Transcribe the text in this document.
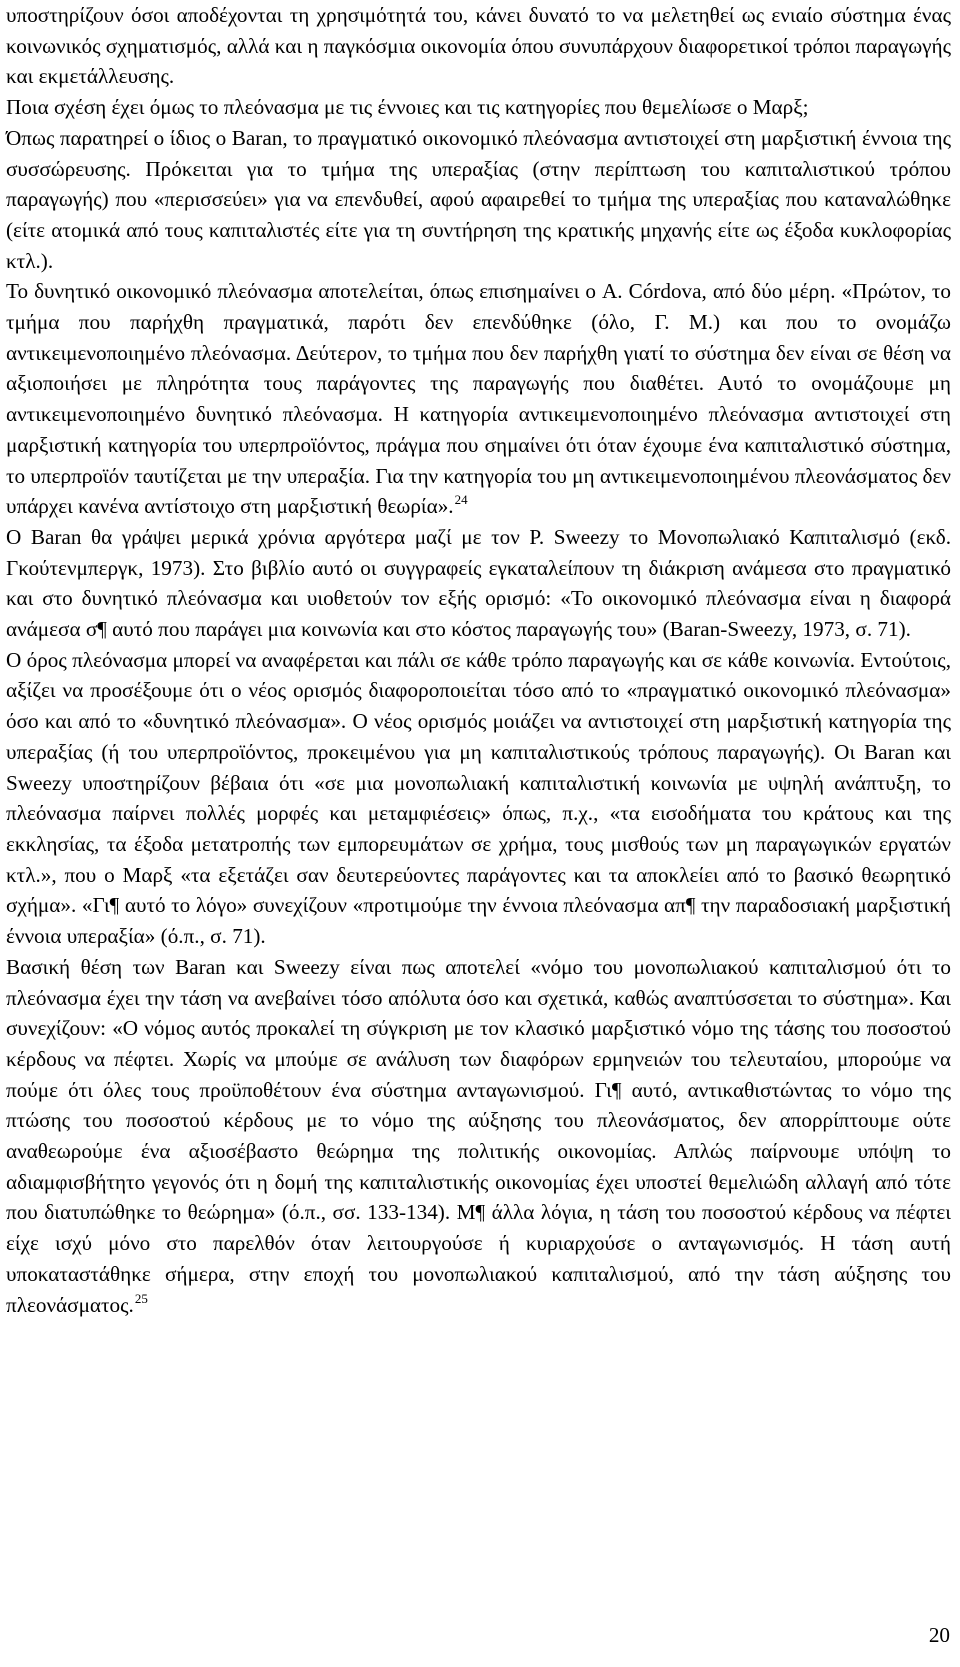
υποστηρίζουν όσοι αποδέχονται τη χρησιμότητά του, κάνει δυνατό το να μελετηθεί ως ενιαίο σύστημα ένας κοινωνικός σχηματισμός, αλλά και η παγκόσμια οικονομία όπου συνυπάρχουν διαφορετικοί τρόποι παραγωγής και εκμετάλλευσης.

Ποια σχέση έχει όμως το πλεόνασμα με τις έννοιες και τις κατηγορίες που θεμελίωσε ο Μαρξ;

Όπως παρατηρεί ο ίδιος ο Baran, το πραγματικό οικονομικό πλεόνασμα αντιστοιχεί στη μαρξιστική έννοια της συσσώρευσης. Πρόκειται για το τμήμα της υπεραξίας (στην περίπτωση του καπιταλιστικού τρόπου παραγωγής) που «περισσεύει» για να επενδυθεί, αφού αφαιρεθεί το τμήμα της υπεραξίας που καταναλώθηκε (είτε ατομικά από τους καπιταλιστές είτε για τη συντήρηση της κρατικής μηχανής είτε ως έξοδα κυκλοφορίας κτλ.).

Το δυνητικό οικονομικό πλεόνασμα αποτελείται, όπως επισημαίνει ο A. Córdova, από δύο μέρη. «Πρώτον, το τμήμα που παρήχθη πραγματικά, παρότι δεν επενδύθηκε (όλο, Γ. Μ.) και που το ονομάζω αντικειμενοποιημένο πλεόνασμα. Δεύτερον, το τμήμα που δεν παρήχθη γιατί το σύστημα δεν είναι σε θέση να αξιοποιήσει με πληρότητα τους παράγοντες της παραγωγής που διαθέτει. Αυτό το ονομάζουμε μη αντικειμενοποιημένο δυνητικό πλεόνασμα. Η κατηγορία αντικειμενοποιημένο πλεόνασμα αντιστοιχεί στη μαρξιστική κατηγορία του υπερπροϊόντος, πράγμα που σημαίνει ότι όταν έχουμε ένα καπιταλιστικό σύστημα, το υπερπροϊόν ταυτίζεται με την υπεραξία. Για την κατηγορία του μη αντικειμενοποιημένου πλεονάσματος δεν υπάρχει κανένα αντίστοιχο στη μαρξιστική θεωρία».$^{24}$

Ο Baran θα γράψει μερικά χρόνια αργότερα μαζί με τον P. Sweezy το Μονοπωλιακό Καπιταλισμό (εκδ. Γκούτενμπεργκ, 1973). Στο βιβλίο αυτό οι συγγραφείς εγκαταλείπουν τη διάκριση ανάμεσα στο πραγματικό και στο δυνητικό πλεόνασμα και υιοθετούν τον εξής ορισμό: «Το οικονομικό πλεόνασμα είναι η διαφορά ανάμεσα σ¶ αυτό που παράγει μια κοινωνία και στο κόστος παραγωγής του» (Baran-Sweezy, 1973, σ. 71).

Ο όρος πλεόνασμα μπορεί να αναφέρεται και πάλι σε κάθε τρόπο παραγωγής και σε κάθε κοινωνία. Εντούτοις, αξίζει να προσέξουμε ότι ο νέος ορισμός διαφοροποιείται τόσο από το «πραγματικό οικονομικό πλεόνασμα» όσο και από το «δυνητικό πλεόνασμα». Ο νέος ορισμός μοιάζει να αντιστοιχεί στη μαρξιστική κατηγορία της υπεραξίας (ή του υπερπροϊόντος, προκειμένου για μη καπιταλιστικούς τρόπους παραγωγής). Οι Baran και Sweezy υποστηρίζουν βέβαια ότι «σε μια μονοπωλιακή καπιταλιστική κοινωνία με υψηλή ανάπτυξη, το πλεόνασμα παίρνει πολλές μορφές και μεταμφιέσεις» όπως, π.χ., «τα εισοδήματα του κράτους και της εκκλησίας, τα έξοδα μετατροπής των εμπορευμάτων σε χρήμα, τους μισθούς των μη παραγωγικών εργατών κτλ.», που ο Μαρξ «τα εξετάζει σαν δευτερεύοντες παράγοντες και τα αποκλείει από το βασικό θεωρητικό σχήμα». «Γι¶ αυτό το λόγο» συνεχίζουν «προτιμούμε την έννοια πλεόνασμα απ¶ την παραδοσιακή μαρξιστική έννοια υπεραξία» (ό.π., σ. 71).

Βασική θέση των Baran και Sweezy είναι πως αποτελεί «νόμο του μονοπωλιακού καπιταλισμού ότι το πλεόνασμα έχει την τάση να ανεβαίνει τόσο απόλυτα όσο και σχετικά, καθώς αναπτύσσεται το σύστημα». Και συνεχίζουν: «Ο νόμος αυτός προκαλεί τη σύγκριση με τον κλασικό μαρξιστικό νόμο της τάσης του ποσοστού κέρδους να πέφτει. Χωρίς να μπούμε σε ανάλυση των διαφόρων ερμηνειών του τελευταίου, μπορούμε να πούμε ότι όλες τους προϋποθέτουν ένα σύστημα ανταγωνισμού. Γι¶ αυτό, αντικαθιστώντας το νόμο της πτώσης του ποσοστού κέρδους με το νόμο της αύξησης του πλεονάσματος, δεν απορρίπτουμε ούτε αναθεωρούμε ένα αξιοσέβαστο θεώρημα της πολιτικής οικονομίας. Απλώς παίρνουμε υπόψη το αδιαμφισβήτητο γεγονός ότι η δομή της καπιταλιστικής οικονομίας έχει υποστεί θεμελιώδη αλλαγή από τότε που διατυπώθηκε το θεώρημα» (ό.π., σσ. 133-134). Μ¶ άλλα λόγια, η τάση του ποσοστού κέρδους να πέφτει είχε ισχύ μόνο στο παρελθόν όταν λειτουργούσε ή κυριαρχούσε ο ανταγωνισμός. Η τάση αυτή υποκαταστάθηκε σήμερα, στην εποχή του μονοπωλιακού καπιταλισμού, από την τάση αύξησης του πλεονάσματος.$^{25}$

20
